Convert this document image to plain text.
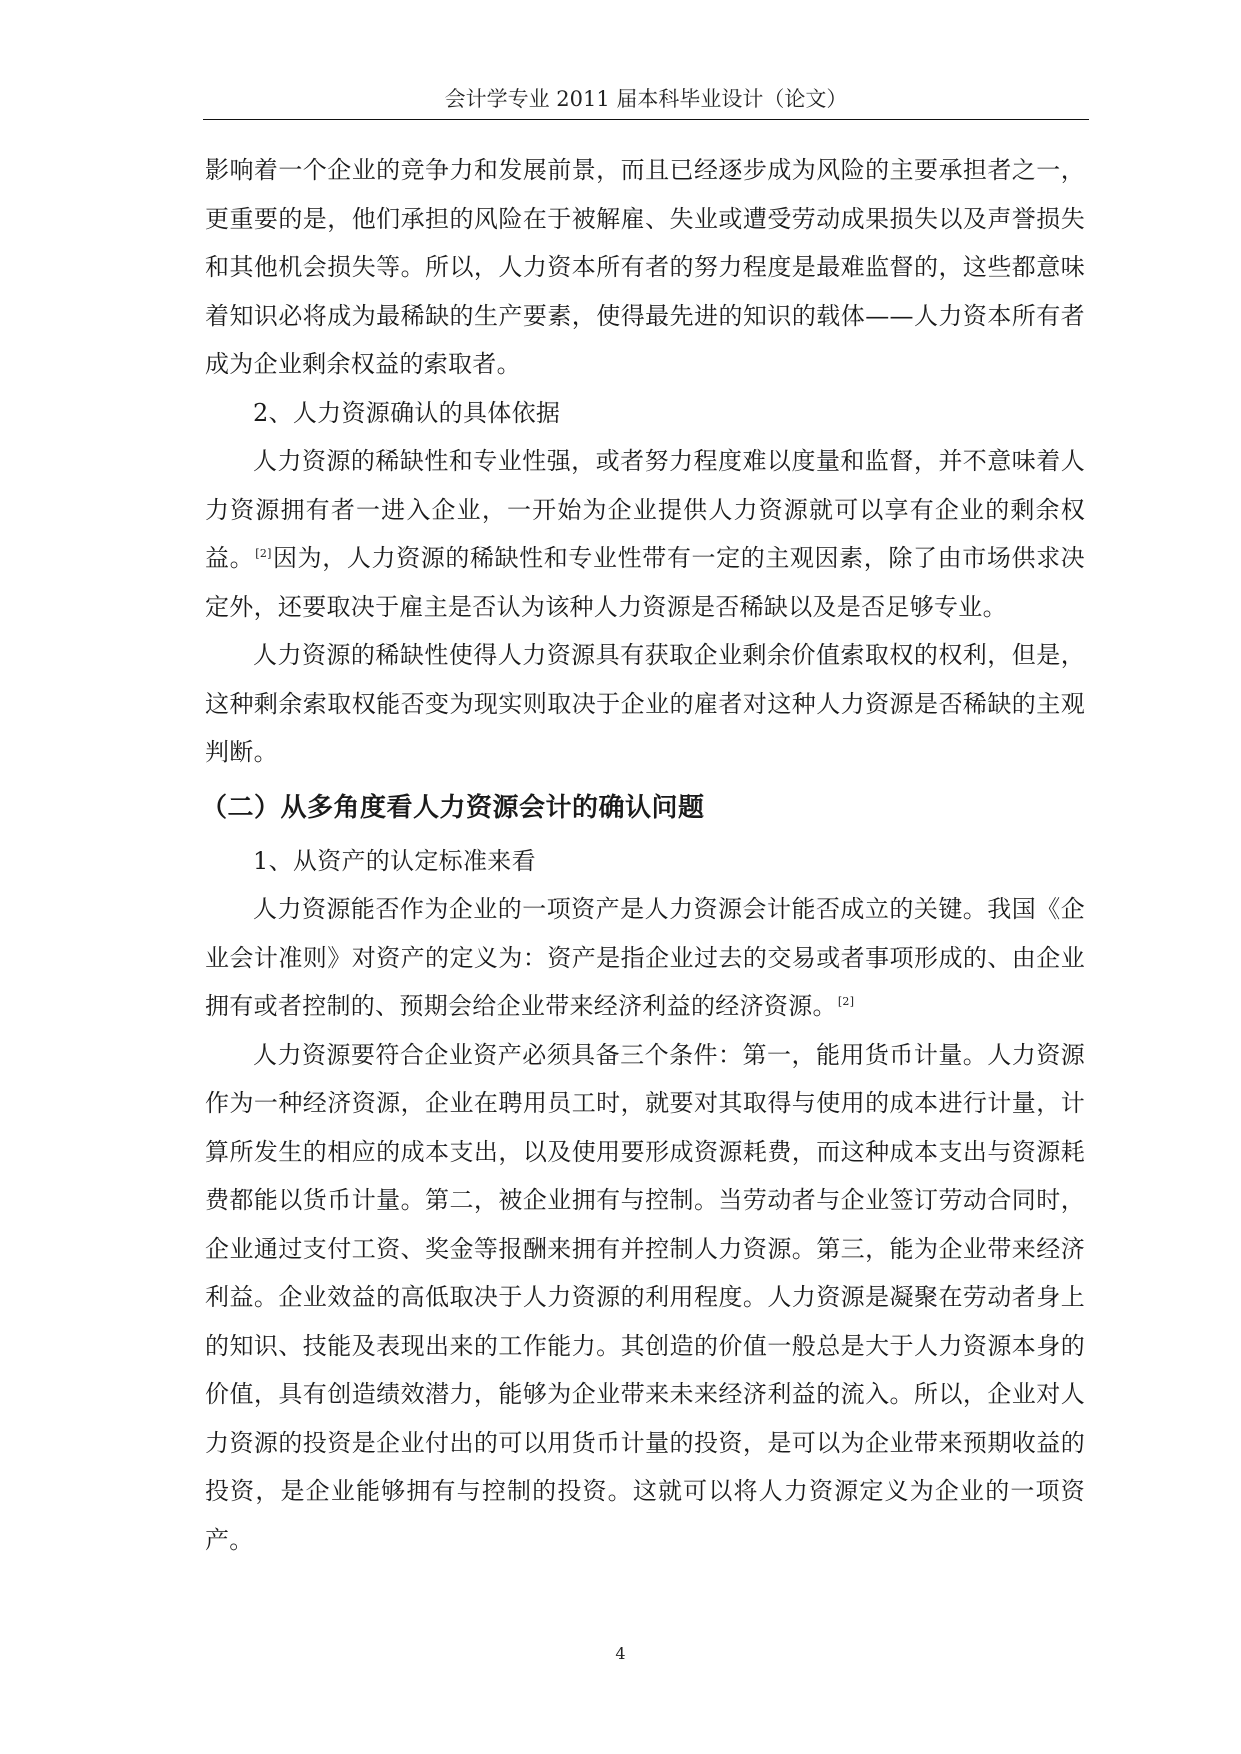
会计学专业 2011 届本科毕业设计（论文）

影响着一个企业的竞争力和发展前景，而且已经逐步成为风险的主要承担者之一，更重要的是，他们承担的风险在于被解雇、失业或遭受劳动成果损失以及声誉损失和其他机会损失等。所以，人力资本所有者的努力程度是最难监督的，这些都意味着知识必将成为最稀缺的生产要素，使得最先进的知识的载体——人力资本所有者成为企业剩余权益的索取者。

2、人力资源确认的具体依据

人力资源的稀缺性和专业性强，或者努力程度难以度量和监督，并不意味着人力资源拥有者一进入企业，一开始为企业提供人力资源就可以享有企业的剩余权益。[2]因为，人力资源的稀缺性和专业性带有一定的主观因素，除了由市场供求决定外，还要取决于雇主是否认为该种人力资源是否稀缺以及是否足够专业。

人力资源的稀缺性使得人力资源具有获取企业剩余价值索取权的权利，但是，这种剩余索取权能否变为现实则取决于企业的雇者对这种人力资源是否稀缺的主观判断。

（二）从多角度看人力资源会计的确认问题

1、从资产的认定标准来看

人力资源能否作为企业的一项资产是人力资源会计能否成立的关键。我国《企业会计准则》对资产的定义为：资产是指企业过去的交易或者事项形成的、由企业拥有或者控制的、预期会给企业带来经济利益的经济资源。[2]

人力资源要符合企业资产必须具备三个条件：第一，能用货币计量。人力资源作为一种经济资源，企业在聘用员工时，就要对其取得与使用的成本进行计量，计算所发生的相应的成本支出，以及使用要形成资源耗费，而这种成本支出与资源耗费都能以货币计量。第二，被企业拥有与控制。当劳动者与企业签订劳动合同时，企业通过支付工资、奖金等报酬来拥有并控制人力资源。第三，能为企业带来经济利益。企业效益的高低取决于人力资源的利用程度。人力资源是凝聚在劳动者身上的知识、技能及表现出来的工作能力。其创造的价值一般总是大于人力资源本身的价值，具有创造绩效潜力，能够为企业带来未来经济利益的流入。所以，企业对人力资源的投资是企业付出的可以用货币计量的投资，是可以为企业带来预期收益的投资，是企业能够拥有与控制的投资。这就可以将人力资源定义为企业的一项资产。

4
